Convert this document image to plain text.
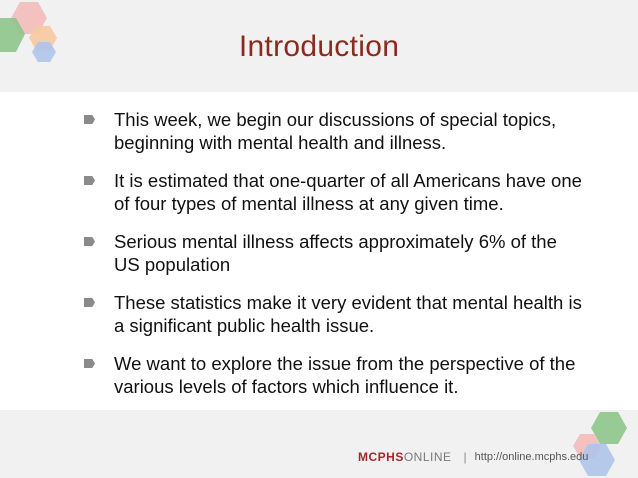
Introduction
This week, we begin our discussions of special topics, beginning with mental health and illness.
It is estimated that one-quarter of all Americans have one of four types of mental illness at any given time.
Serious mental illness affects approximately 6% of the US population
These statistics make it very evident that mental health is a significant public health issue.
We want to explore the issue from the perspective of the various levels of factors which influence it.
MCPHS ONLINE | http://online.mcphs.edu
